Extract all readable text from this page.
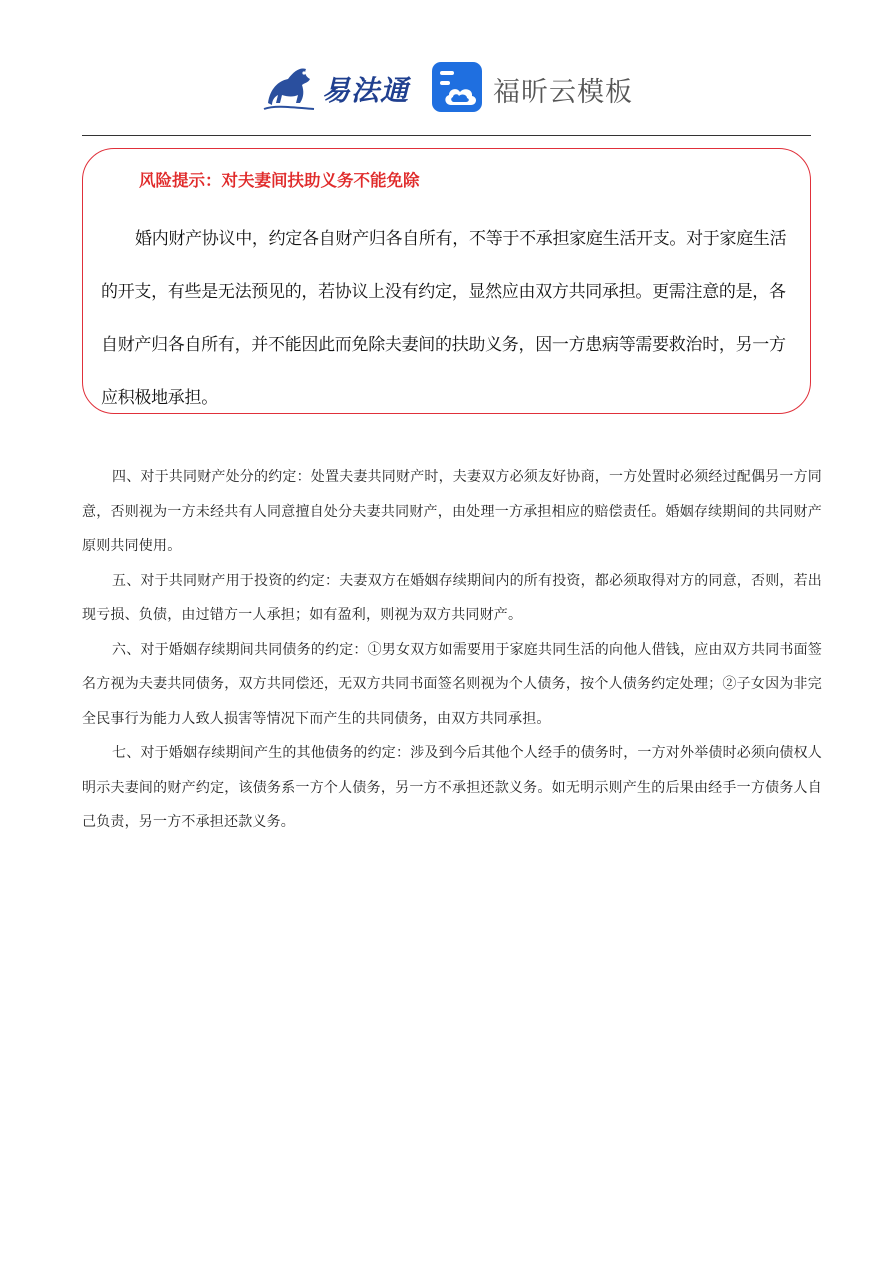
易法通	福昕云模板
风险提示：对夫妻间扶助义务不能免除

婚内财产协议中，约定各自财产归各自所有，不等于不承担家庭生活开支。对于家庭生活的开支，有些是无法预见的，若协议上没有约定，显然应由双方共同承担。更需注意的是，各自财产归各自所有，并不能因此而免除夫妻间的扶助义务，因一方患病等需要救治时，另一方应积极地承担。

四、对于共同财产处分的约定：处置夫妻共同财产时，夫妻双方必须友好协商，一方处置时必须经过配偶另一方同意，否则视为一方未经共有人同意擅自处分夫妻共同财产，由处理一方承担相应的赔偿责任。婚姻存续期间的共同财产原则共同使用。

五、对于共同财产用于投资的约定：夫妻双方在婚姻存续期间内的所有投资，都必须取得对方的同意，否则，若出现亏损、负债，由过错方一人承担；如有盈利，则视为双方共同财产。

六、对于婚姻存续期间共同债务的约定：①男女双方如需要用于家庭共同生活的向他人借钱，应由双方共同书面签名方视为夫妻共同债务，双方共同偿还，无双方共同书面签名则视为个人债务，按个人债务约定处理；②子女因为非完全民事行为能力人致人损害等情况下而产生的共同债务，由双方共同承担。

七、对于婚姻存续期间产生的其他债务的约定：涉及到今后其他个人经手的债务时，一方对外举债时必须向债权人明示夫妻间的财产约定，该债务系一方个人债务，另一方不承担还款义务。如无明示则产生的后果由经手一方债务人自己负责，另一方不承担还款义务。
